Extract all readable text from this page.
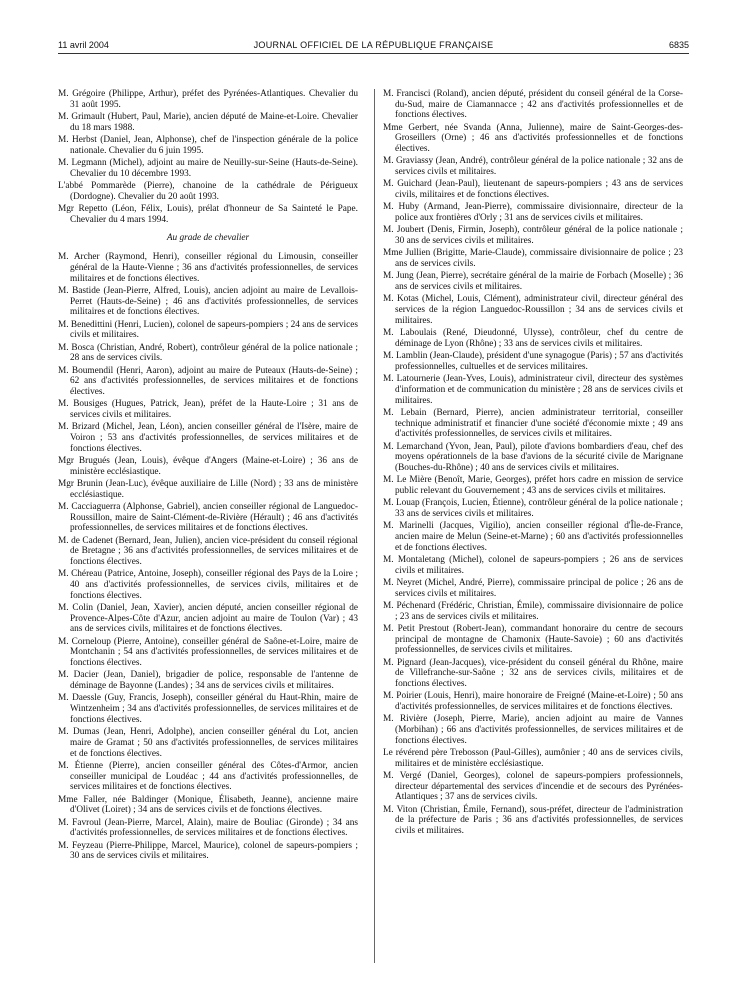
11 avril 2004	JOURNAL OFFICIEL DE LA RÉPUBLIQUE FRANÇAISE	6835

M. Grégoire (Philippe, Arthur), préfet des Pyrénées-Atlantiques. Chevalier du 31 août 1995.

M. Grimault (Hubert, Paul, Marie), ancien député de Maine-et-Loire. Chevalier du 18 mars 1988.

M. Herbst (Daniel, Jean, Alphonse), chef de l'inspection générale de la police nationale. Chevalier du 6 juin 1995.

M. Legmann (Michel), adjoint au maire de Neuilly-sur-Seine (Hauts-de-Seine). Chevalier du 10 décembre 1993.

L'abbé Pommarède (Pierre), chanoine de la cathédrale de Périgueux (Dordogne). Chevalier du 20 août 1993.

Mgr Repetto (Léon, Félix, Louis), prélat d'honneur de Sa Sainteté le Pape. Chevalier du 4 mars 1994.

Au grade de chevalier

M. Archer (Raymond, Henri), conseiller régional du Limousin, conseiller général de la Haute-Vienne ; 36 ans d'activités professionnelles, de services militaires et de fonctions électives.

M. Bastide (Jean-Pierre, Alfred, Louis), ancien adjoint au maire de Levallois-Perret (Hauts-de-Seine) ; 46 ans d'activités professionnelles, de services militaires et de fonctions électives.

M. Benedittini (Henri, Lucien), colonel de sapeurs-pompiers ; 24 ans de services civils et militaires.

M. Bosca (Christian, André, Robert), contrôleur général de la police nationale ; 28 ans de services civils.

M. Boumendil (Henri, Aaron), adjoint au maire de Puteaux (Hauts-de-Seine) ; 62 ans d'activités professionnelles, de services militaires et de fonctions électives.

M. Bousiges (Hugues, Patrick, Jean), préfet de la Haute-Loire ; 31 ans de services civils et militaires.

M. Brizard (Michel, Jean, Léon), ancien conseiller général de l'Isère, maire de Voiron ; 53 ans d'activités professionnelles, de services militaires et de fonctions électives.

Mgr Brugués (Jean, Louis), évêque d'Angers (Maine-et-Loire) ; 36 ans de ministère ecclésiastique.

Mgr Brunin (Jean-Luc), évêque auxiliaire de Lille (Nord) ; 33 ans de ministère ecclésiastique.

M. Cacciaguerra (Alphonse, Gabriel), ancien conseiller régional de Languedoc-Roussillon, maire de Saint-Clément-de-Rivière (Hérault) ; 46 ans d'activités professionnelles, de services militaires et de fonctions électives.

M. de Cadenet (Bernard, Jean, Julien), ancien vice-président du conseil régional de Bretagne ; 36 ans d'activités professionnelles, de services militaires et de fonctions électives.

M. Chéreau (Patrice, Antoine, Joseph), conseiller régional des Pays de la Loire ; 40 ans d'activités professionnelles, de services civils, militaires et de fonctions électives.

M. Colin (Daniel, Jean, Xavier), ancien député, ancien conseiller régional de Provence-Alpes-Côte d'Azur, ancien adjoint au maire de Toulon (Var) ; 43 ans de services civils, militaires et de fonctions électives.

M. Corneloup (Pierre, Antoine), conseiller général de Saône-et-Loire, maire de Montchanin ; 54 ans d'activités professionnelles, de services militaires et de fonctions électives.

M. Dacier (Jean, Daniel), brigadier de police, responsable de l'antenne de déminage de Bayonne (Landes) ; 34 ans de services civils et militaires.

M. Daessle (Guy, Francis, Joseph), conseiller général du Haut-Rhin, maire de Wintzenheim ; 34 ans d'activités professionnelles, de services militaires et de fonctions électives.

M. Dumas (Jean, Henri, Adolphe), ancien conseiller général du Lot, ancien maire de Gramat ; 50 ans d'activités professionnelles, de services militaires et de fonctions électives.

M. Étienne (Pierre), ancien conseiller général des Côtes-d'Armor, ancien conseiller municipal de Loudéac ; 44 ans d'activités professionnelles, de services militaires et de fonctions électives.

Mme Faller, née Baldinger (Monique, Élisabeth, Jeanne), ancienne maire d'Olivet (Loiret) ; 34 ans de services civils et de fonctions électives.

M. Favroul (Jean-Pierre, Marcel, Alain), maire de Bouliac (Gironde) ; 34 ans d'activités professionnelles, de services militaires et de fonctions électives.

M. Feyzeau (Pierre-Philippe, Marcel, Maurice), colonel de sapeurs-pompiers ; 30 ans de services civils et militaires.

M. Francisci (Roland), ancien député, président du conseil général de la Corse-du-Sud, maire de Ciamannacce ; 42 ans d'activités professionnelles et de fonctions électives.

Mme Gerbert, née Svanda (Anna, Julienne), maire de Saint-Georges-des-Groseillers (Orne) ; 46 ans d'activités professionnelles et de fonctions électives.

M. Graviassy (Jean, André), contrôleur général de la police nationale ; 32 ans de services civils et militaires.

M. Guichard (Jean-Paul), lieutenant de sapeurs-pompiers ; 43 ans de services civils, militaires et de fonctions électives.

M. Huby (Armand, Jean-Pierre), commissaire divisionnaire, directeur de la police aux frontières d'Orly ; 31 ans de services civils et militaires.

M. Joubert (Denis, Firmin, Joseph), contrôleur général de la police nationale ; 30 ans de services civils et militaires.

Mme Jullien (Brigitte, Marie-Claude), commissaire divisionnaire de police ; 23 ans de services civils.

M. Jung (Jean, Pierre), secrétaire général de la mairie de Forbach (Moselle) ; 36 ans de services civils et militaires.

M. Kotas (Michel, Louis, Clément), administrateur civil, directeur général des services de la région Languedoc-Roussillon ; 34 ans de services civils et militaires.

M. Laboulais (René, Dieudonné, Ulysse), contrôleur, chef du centre de déminage de Lyon (Rhône) ; 33 ans de services civils et militaires.

M. Lamblin (Jean-Claude), président d'une synagogue (Paris) ; 57 ans d'activités professionnelles, cultuelles et de services militaires.

M. Latournerie (Jean-Yves, Louis), administrateur civil, directeur des systèmes d'information et de communication du ministère ; 28 ans de services civils et militaires.

M. Lebain (Bernard, Pierre), ancien administrateur territorial, conseiller technique administratif et financier d'une société d'économie mixte ; 49 ans d'activités professionnelles, de services civils et militaires.

M. Lemarchand (Yvon, Jean, Paul), pilote d'avions bombardiers d'eau, chef des moyens opérationnels de la base d'avions de la sécurité civile de Marignane (Bouches-du-Rhône) ; 40 ans de services civils et militaires.

M. Le Mière (Benoît, Marie, Georges), préfet hors cadre en mission de service public relevant du Gouvernement ; 43 ans de services civils et militaires.

M. Louap (François, Lucien, Étienne), contrôleur général de la police nationale ; 33 ans de services civils et militaires.

M. Marinelli (Jacques, Vigilio), ancien conseiller régional d'Île-de-France, ancien maire de Melun (Seine-et-Marne) ; 60 ans d'activités professionnelles et de fonctions électives.

M. Montaletang (Michel), colonel de sapeurs-pompiers ; 26 ans de services civils et militaires.

M. Neyret (Michel, André, Pierre), commissaire principal de police ; 26 ans de services civils et militaires.

M. Péchenard (Frédéric, Christian, Émile), commissaire divisionnaire de police ; 23 ans de services civils et militaires.

M. Petit Prestout (Robert-Jean), commandant honoraire du centre de secours principal de montagne de Chamonix (Haute-Savoie) ; 60 ans d'activités professionnelles, de services civils et militaires.

M. Pignard (Jean-Jacques), vice-président du conseil général du Rhône, maire de Villefranche-sur-Saône ; 32 ans de services civils, militaires et de fonctions électives.

M. Poirier (Louis, Henri), maire honoraire de Freigné (Maine-et-Loire) ; 50 ans d'activités professionnelles, de services militaires et de fonctions électives.

M. Rivière (Joseph, Pierre, Marie), ancien adjoint au maire de Vannes (Morbihan) ; 66 ans d'activités professionnelles, de services militaires et de fonctions électives.

Le révérend père Trebosson (Paul-Gilles), aumônier ; 40 ans de services civils, militaires et de ministère ecclésiastique.

M. Vergé (Daniel, Georges), colonel de sapeurs-pompiers professionnels, directeur départemental des services d'incendie et de secours des Pyrénées-Atlantiques ; 37 ans de services civils.

M. Viton (Christian, Émile, Fernand), sous-préfet, directeur de l'administration de la préfecture de Paris ; 36 ans d'activités professionnelles, de services civils et militaires.
